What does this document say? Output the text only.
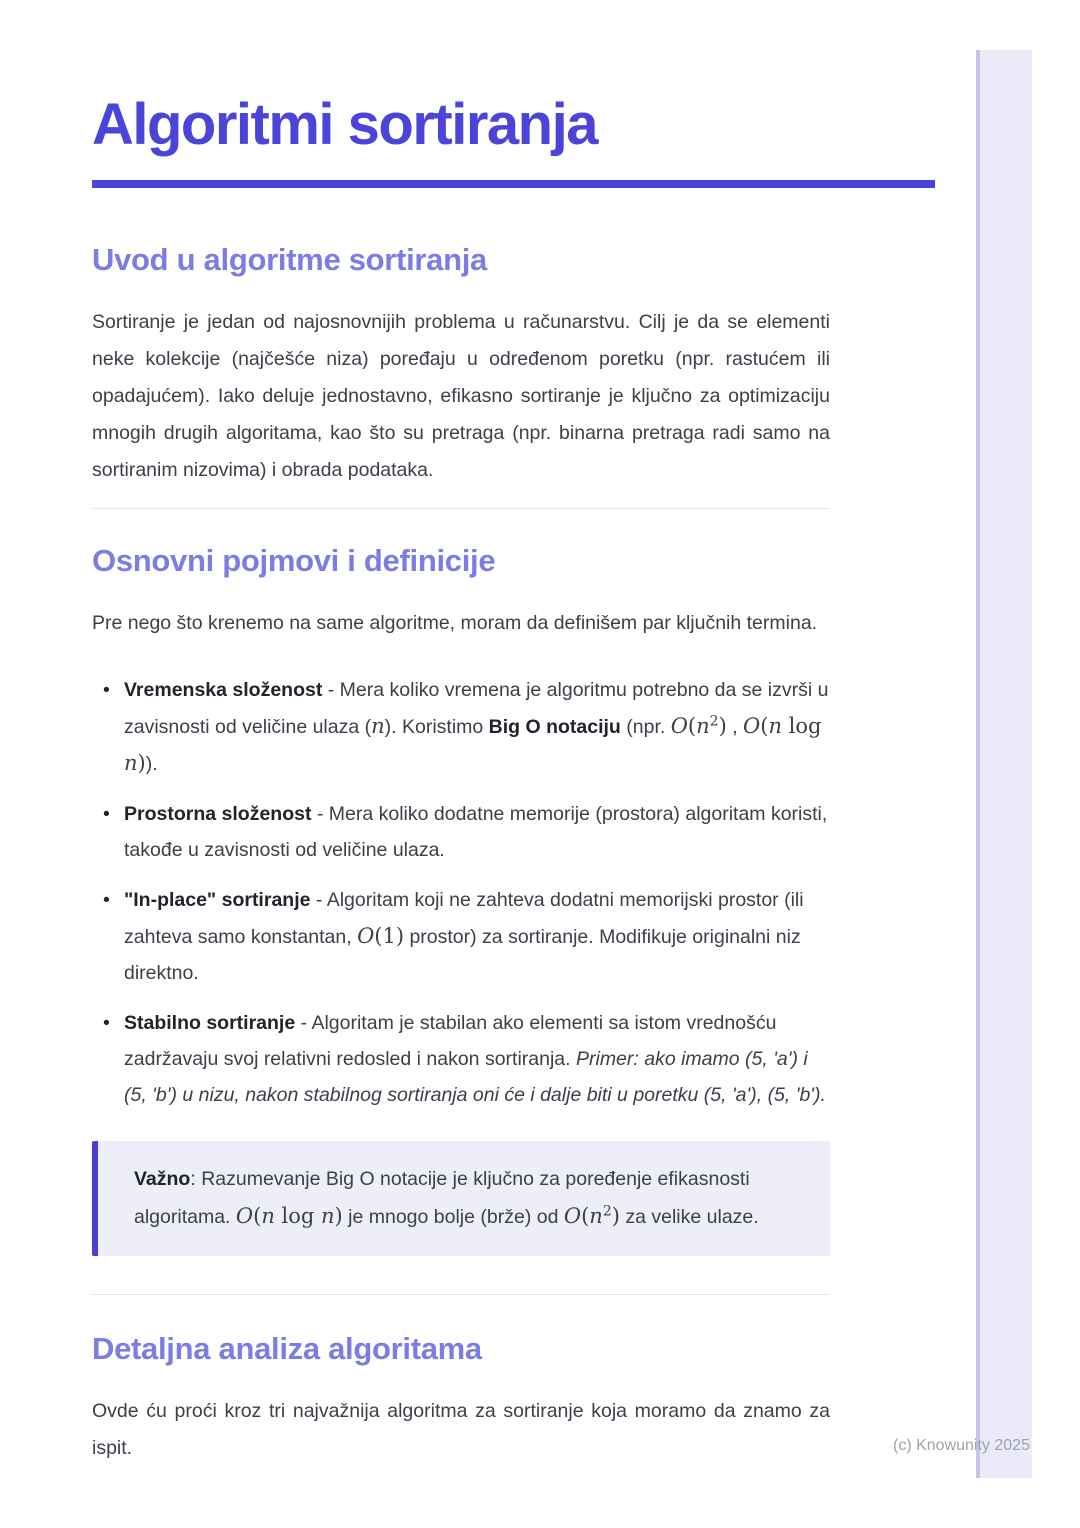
Algoritmi sortiranja
Uvod u algoritme sortiranja

Sortiranje je jedan od najosnovnijih problema u računarstvu. Cilj je da se elementi neke kolekcije (najčešće niza) poređaju u određenom poretku (npr. rastućem ili opadajućem). Iako deluje jednostavno, efikasno sortiranje je ključno za optimizaciju mnogih drugih algoritama, kao što su pretraga (npr. binarna pretraga radi samo na sortiranim nizovima) i obrada podataka.

Osnovni pojmovi i definicije

Pre nego što krenemo na same algoritme, moram da definišem par ključnih termina.

• Vremenska složenost - Mera koliko vremena je algoritmu potrebno da se izvrši u zavisnosti od veličine ulaza (n). Koristimo Big O notaciju (npr. $O(n^2)$ , O(n log n)).
• Prostorna složenost - Mera koliko dodatne memorije (prostora) algoritam koristi, takođe u zavisnosti od veličine ulaza.
• "In-place" sortiranje - Algoritam koji ne zahteva dodatni memorijski prostor (ili zahteva samo konstantan, O(1) prostor) za sortiranje. Modifikuje originalni niz direktno.
• Stabilno sortiranje - Algoritam je stabilan ako elementi sa istom vrednošću zadržavaju svoj relativni redosled i nakon sortiranja. Primer: ako imamo (5, 'a') i (5, 'b') u nizu, nakon stabilnog sortiranja oni će i dalje biti u poretku (5, 'a'), (5, 'b').
Važno: Razumevanje Big O notacije je ključno za poređenje efikasnosti algoritama. O(n log n) je mnogo bolje (brže) od $O(n^2)$ za velike ulaze.
Detaljna analiza algoritama

Ovde ću proći kroz tri najvažnija algoritma za sortiranje koja moramo da znamo za ispit.	(c) Knowunity 2025
